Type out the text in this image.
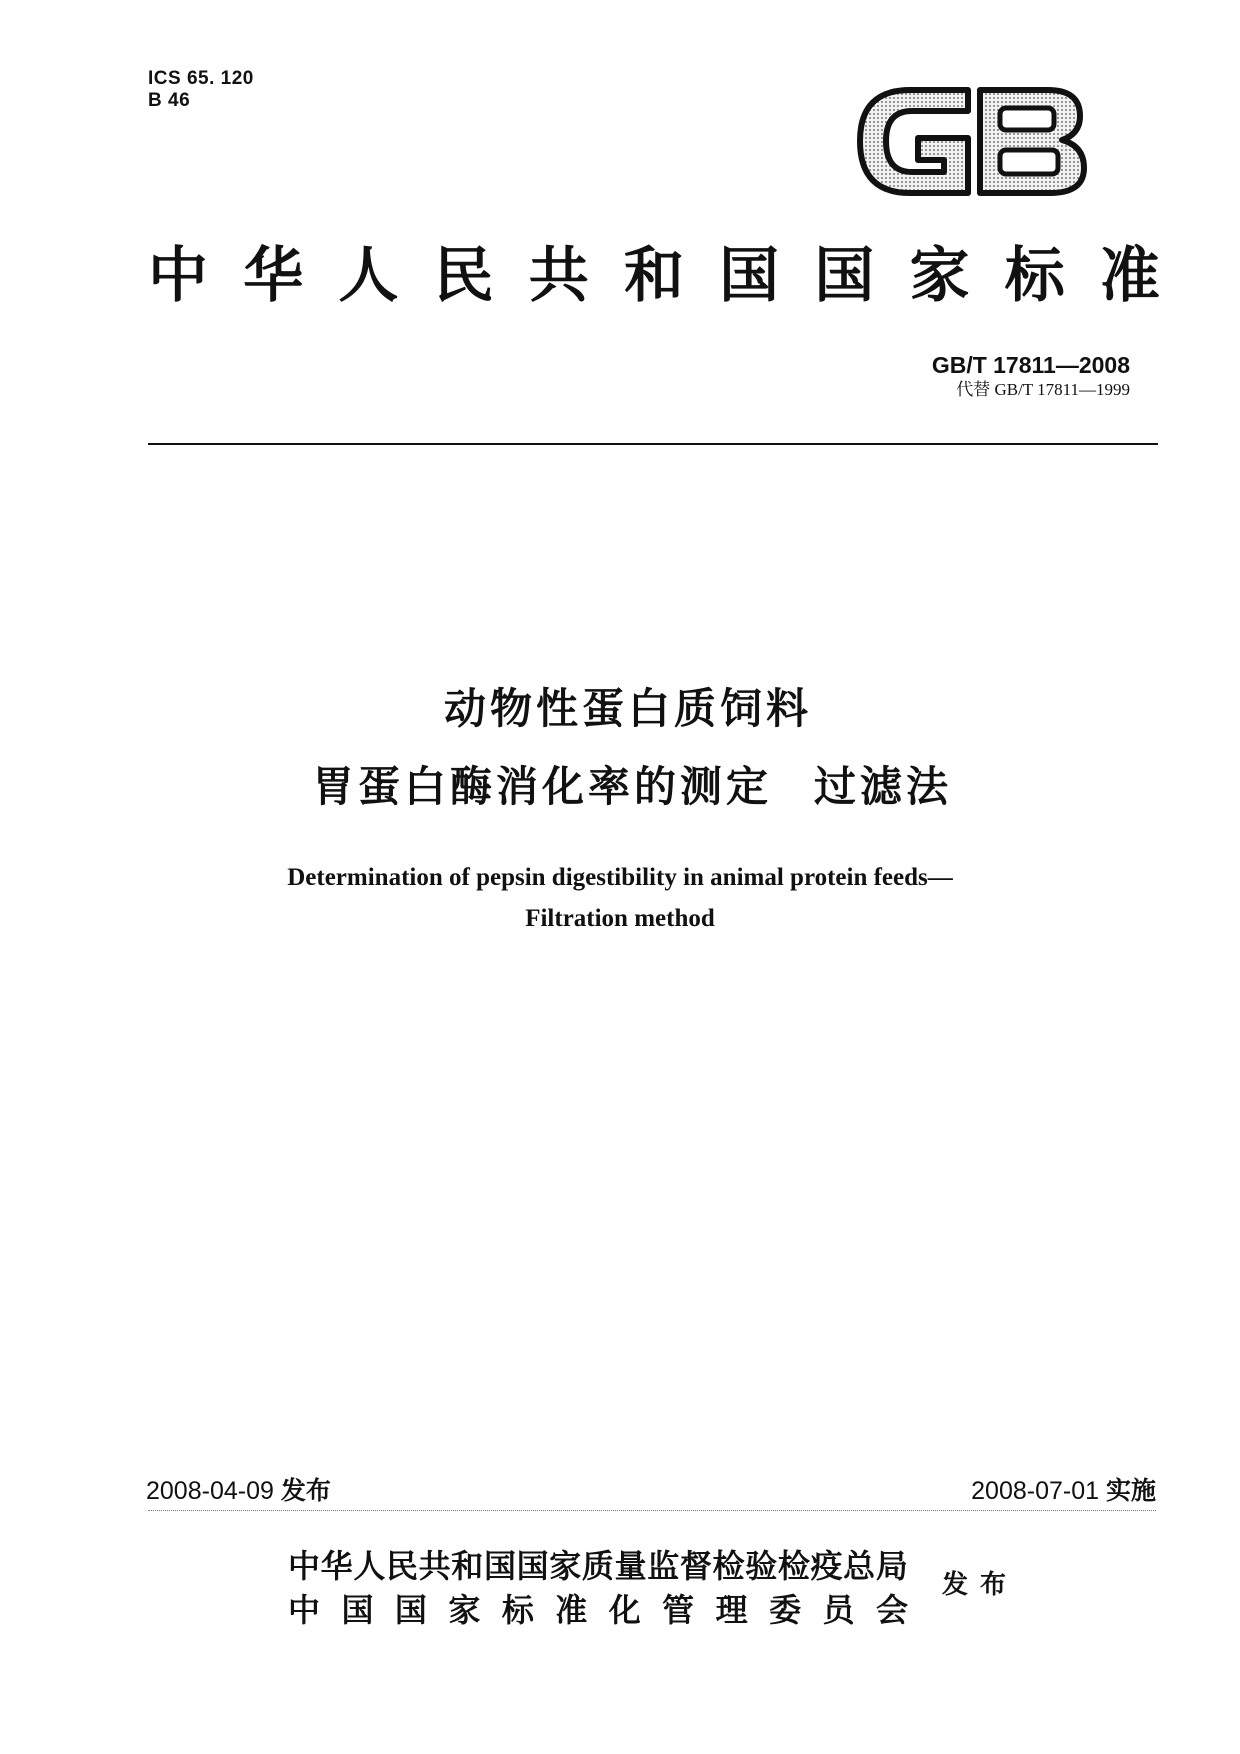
ICS 65. 120
B 46
中 华 人 民 共 和 国 国 家 标 准
GB/T 17811—2008
代替 GB/T 17811—1999
动物性蛋白质饲料
胃蛋白酶消化率的测定 过滤法
Determination of pepsin digestibility in animal protein feeds—
Filtration method
2008-04-09 发布	2008-07-01 实施
中 华 人 民 共 和 国 国 家 质 量 监 督 检 验 检 疫 总 局
中 国 国 家 标 准 化 管 理 委 员 会
发布
